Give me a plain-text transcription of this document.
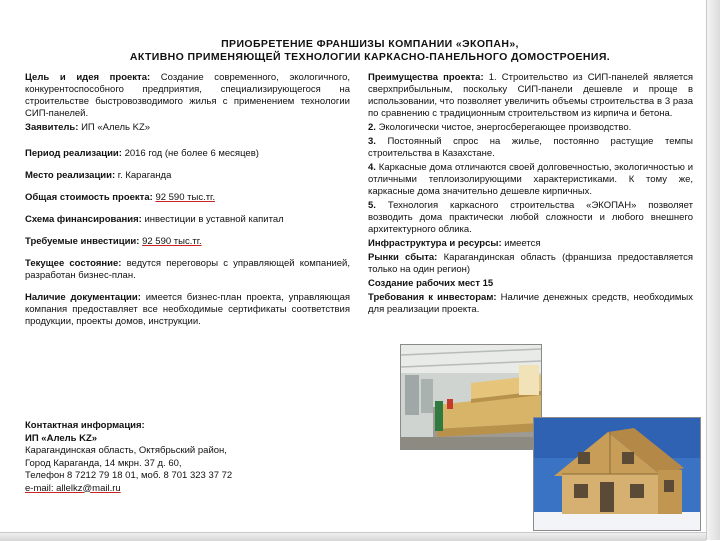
ПРИОБРЕТЕНИЕ ФРАНШИЗЫ КОМПАНИИ «ЭКОПАН»,
АКТИВНО ПРИМЕНЯЮЩЕЙ ТЕХНОЛОГИИ КАРКАСНО-ПАНЕЛЬНОГО ДОМОСТРОЕНИЯ.

Цель и идея проекта: Создание современного, экологичного, конкурентоспособного предприятия, специализирующегося на строительстве быстровозводимого жилья с применением технологии СИП-панелей.

Заявитель: ИП «Алель KZ»

Период реализации: 2016 год (не более 6 месяцев)

Место реализации: г. Караганда

Общая стоимость проекта: 92 590 тыс.тг.

Схема финансирования: инвестиции в уставной капитал

Требуемые инвестиции: 92 590 тыс.тг.

Текущее состояние: ведутся переговоры с управляющей компанией, разработан бизнес-план.

Наличие документации: имеется бизнес-план проекта, управляющая компания предоставляет все необходимые сертификаты соответствия продукции, проекты домов, инструкции.

Преимущества проекта: 1. Строительство из СИП-панелей является сверхприбыльным, поскольку СИП-панели дешевле и проще в использовании, что позволяет увеличить объемы строительства в 3 раза по сравнению с традиционным строительством из кирпича и бетона.

2. Экологически чистое, энергосберегающее производство.

3. Постоянный спрос на жилье, постоянно растущие темпы строительства в Казахстане.

4. Каркасные дома отличаются своей долговечностью, экологичностью и отличными теплоизолирующими характеристиками. К тому же, каркасные дома значительно дешевле кирпичных.

5. Технология каркасного строительства «ЭКОПАН» позволяет возводить дома практически любой сложности и любого внешнего архитектурного облика.

Инфраструктура и ресурсы: имеется

Рынки сбыта: Карагандинская область (франшиза предоставляется только на один регион)

Создание рабочих мест 15

Требования к инвесторам: Наличие денежных средств, необходимых для реализации проекта.

Контактная информация:
ИП «Алель KZ»
Карагандинская область, Октябрьский район,
Город Караганда, 14 мкрн. 37 д. 60,
Телефон 8 7212 79 18 01, моб. 8 701 323 37 72
e-mail: allelkz@mail.ru
